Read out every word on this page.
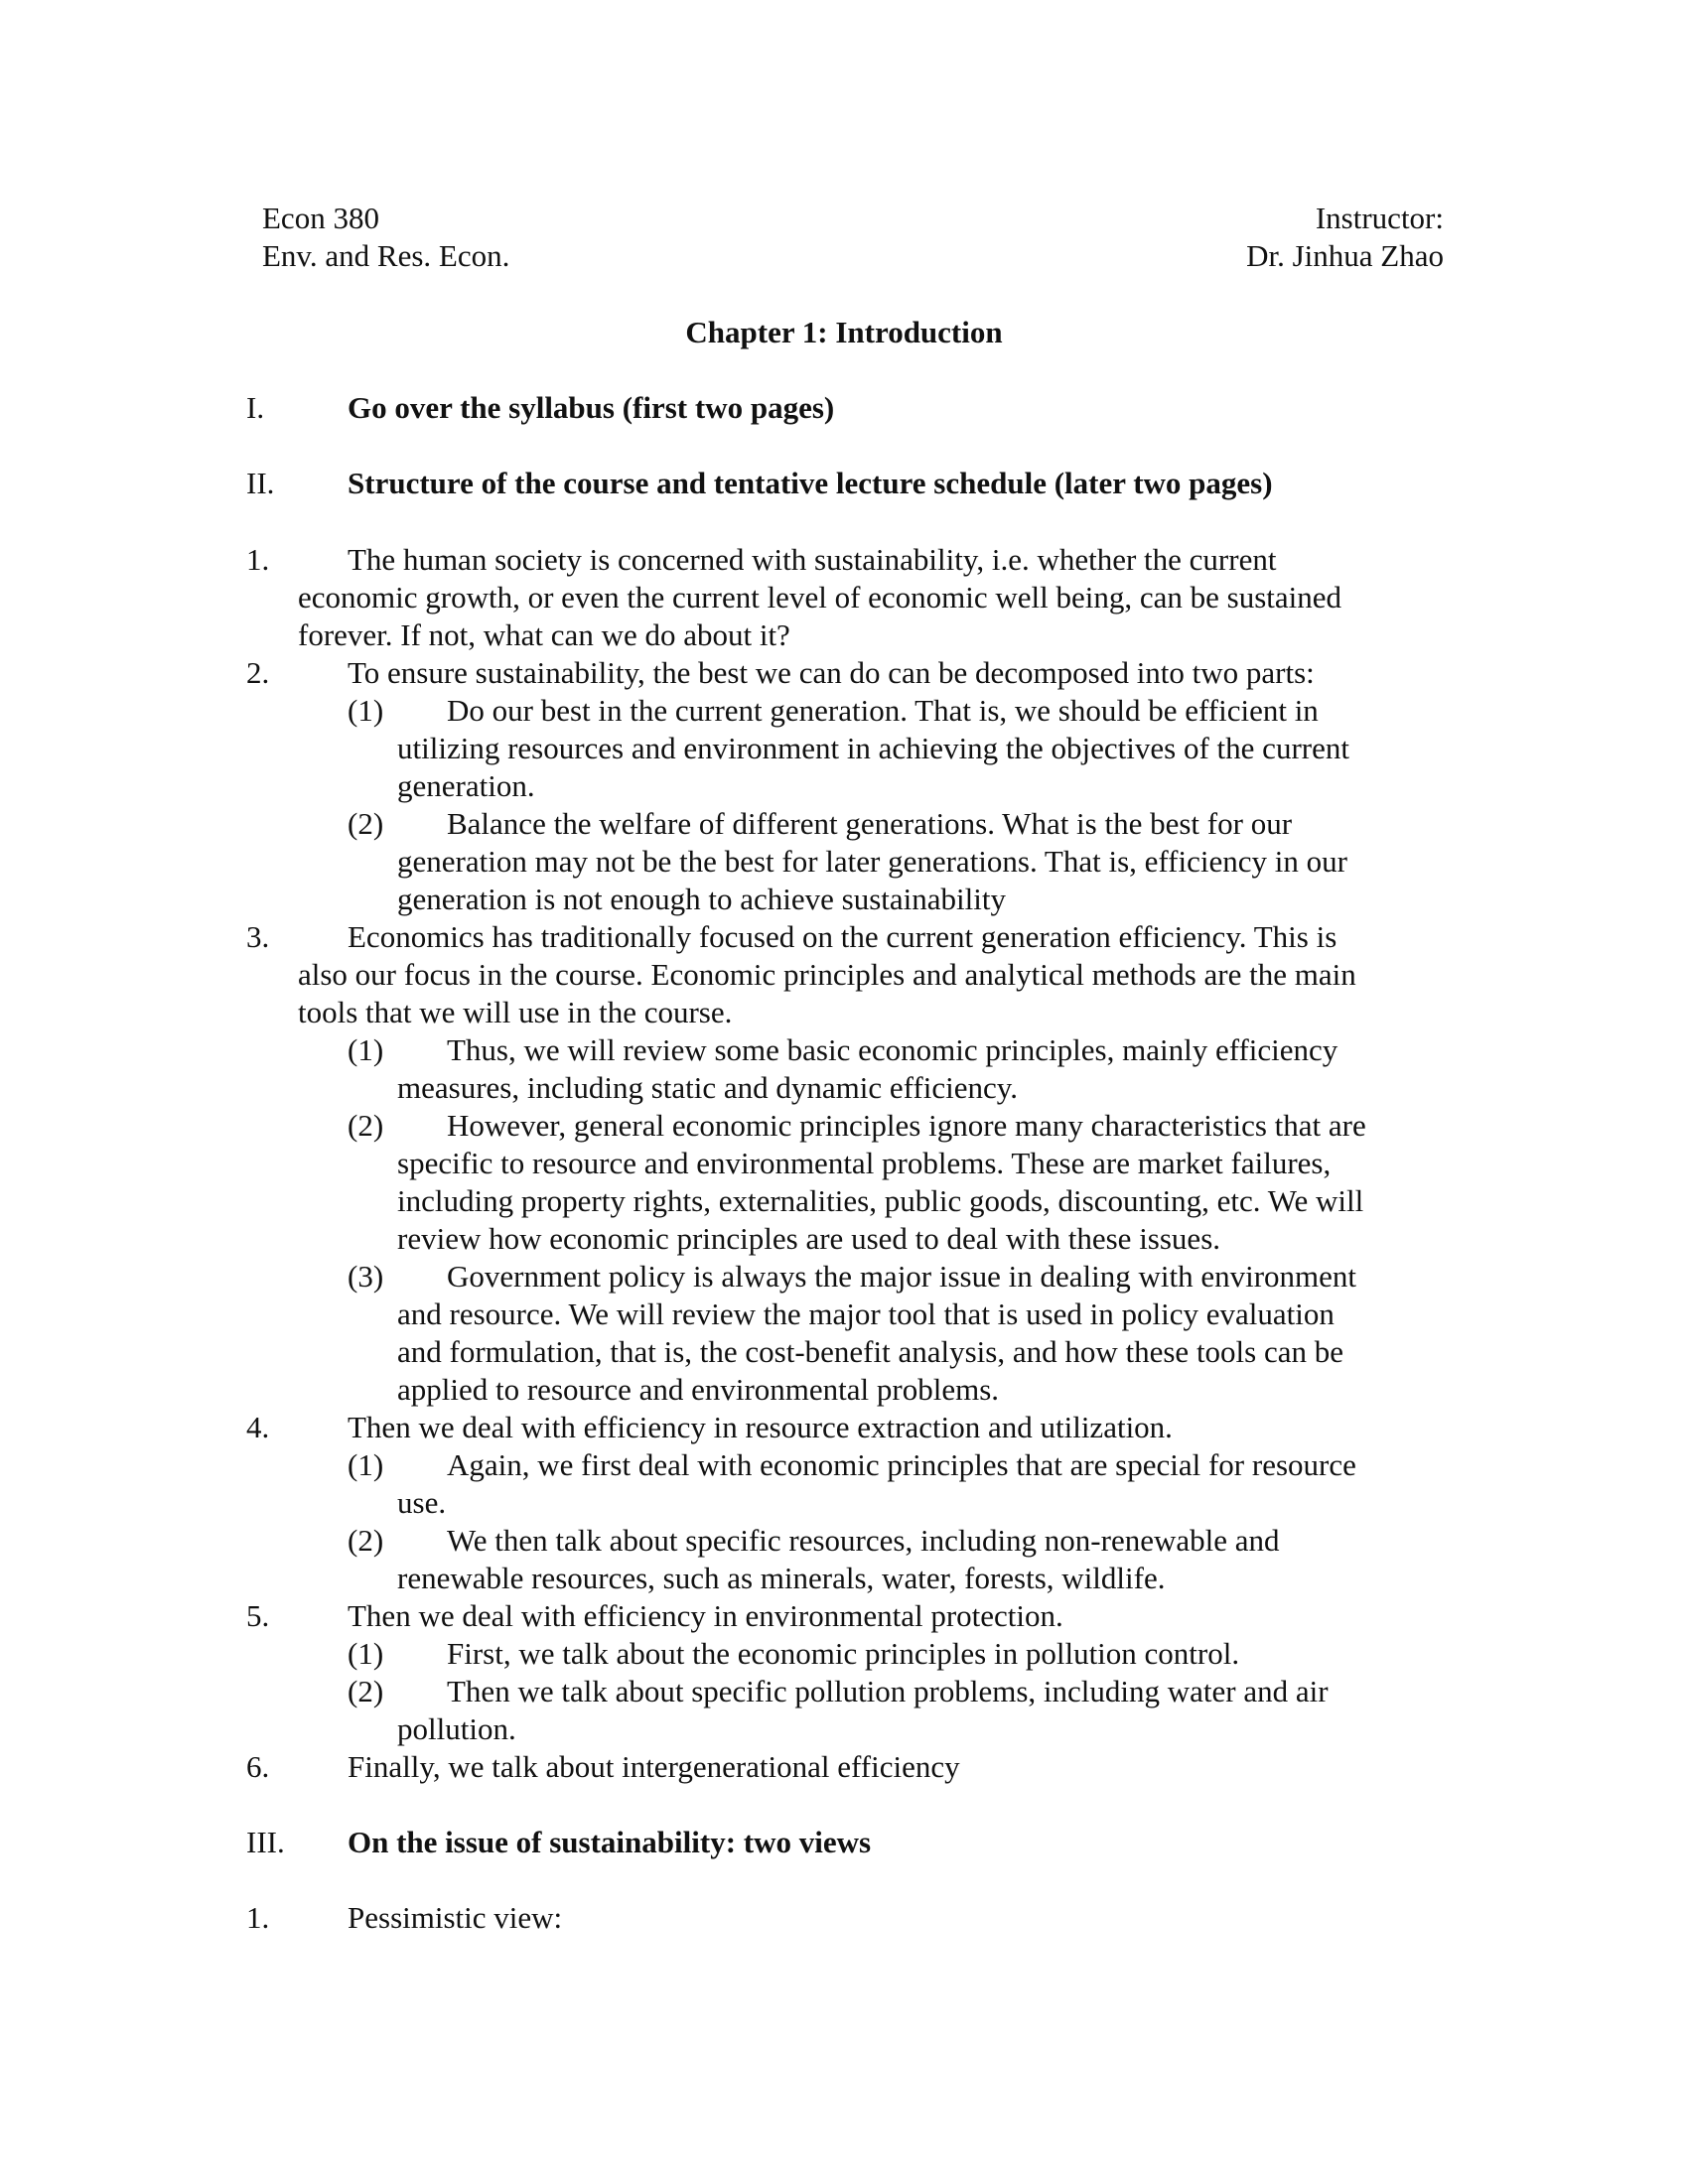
Econ 380
Env. and Res. Econ.
Instructor:
Dr. Jinhua Zhao
Chapter 1: Introduction
I.	Go over the syllabus (first two pages)
II. Structure of the course and tentative lecture schedule (later two pages)
1.	The human society is concerned with sustainability, i.e. whether the current
economic growth, or even the current level of economic well being, can be sustained
forever. If not, what can we do about it?
2.	To ensure sustainability, the best we can do can be decomposed into two parts:
(1) Do our best in the current generation. That is, we should be efficient in
utilizing resources and environment in achieving the objectives of the current
generation.
(2) Balance the welfare of different generations. What is the best for our
generation may not be the best for later generations. That is, efficiency in our
generation is not enough to achieve sustainability
3.	Economics has traditionally focused on the current generation efficiency. This is
also our focus in the course. Economic principles and analytical methods are the main
tools that we will use in the course.
(1) Thus, we will review some basic economic principles, mainly efficiency
measures, including static and dynamic efficiency.
(2) However, general economic principles ignore many characteristics that are
specific to resource and environmental problems. These are market failures,
including property rights, externalities, public goods, discounting, etc. We will
review how economic principles are used to deal with these issues.
(3) Government policy is always the major issue in dealing with environment
and resource. We will review the major tool that is used in policy evaluation
and formulation, that is, the cost-benefit analysis, and how these tools can be
applied to resource and environmental problems.
4.	Then we deal with efficiency in resource extraction and utilization.
(1) Again, we first deal with economic principles that are special for resource
use.
(2) We then talk about specific resources, including non-renewable and
renewable resources, such as minerals, water, forests, wildlife.
5.	Then we deal with efficiency in environmental protection.
(1) First, we talk about the economic principles in pollution control.
(2) Then we talk about specific pollution problems, including water and air
pollution.
6.	Finally, we talk about intergenerational efficiency
III. On the issue of sustainability: two views
1.	Pessimistic view:
